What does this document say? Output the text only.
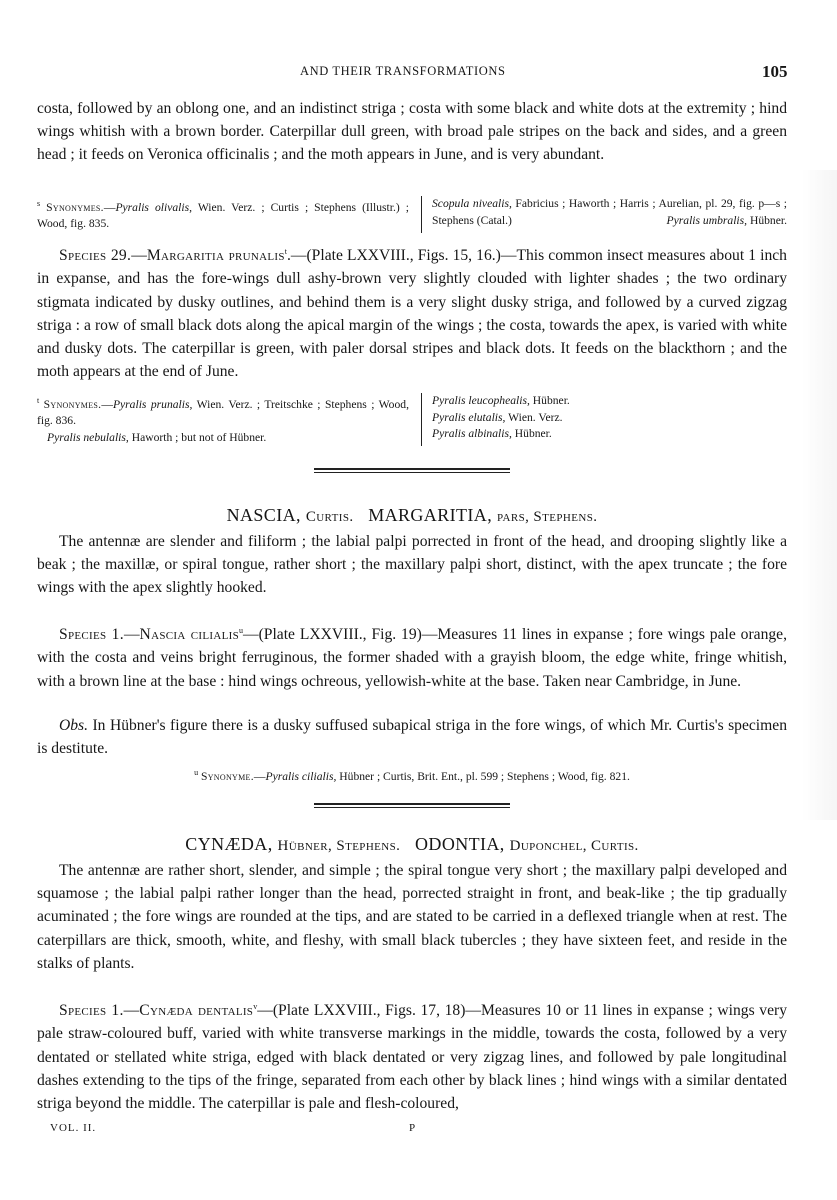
AND THEIR TRANSFORMATIONS	105
costa, followed by an oblong one, and an indistinct striga ; costa with some black and white dots at the extremity ; hind wings whitish with a brown border. Caterpillar dull green, with broad pale stripes on the back and sides, and a green head ; it feeds on Veronica officinalis ; and the moth appears in June, and is very abundant.
$^s$ Synonymes.—Pyralis olivalis, Wien. Verz. ; Curtis ; Stephens (Illustr.) ; Wood, fig. 835.
Scopula nivealis, Fabricius ; Haworth ; Harris ; Aurelian, pl. 29, fig. p—s ; Stephens (Catal.)	Pyralis umbralis, Hübner.
Species 29.—Margaritia prunalis$^t$.—(Plate LXXVIII., Figs. 15, 16.)—This common insect measures about 1 inch in expanse, and has the fore-wings dull ashy-brown very slightly clouded with lighter shades ; the two ordinary stigmata indicated by dusky outlines, and behind them is a very slight dusky striga, and followed by a curved zigzag striga : a row of small black dots along the apical margin of the wings ; the costa, towards the apex, is varied with white and dusky dots. The caterpillar is green, with paler dorsal stripes and black dots. It feeds on the blackthorn ; and the moth appears at the end of June.
$^t$ Synonymes.—Pyralis prunalis, Wien. Verz. ; Treitschke ; Stephens ; Wood, fig. 836.
Pyralis nebulalis, Haworth ; but not of Hübner.
Pyralis leucophealis, Hübner.
Pyralis elutalis, Wien. Verz.
Pyralis albinalis, Hübner.
NASCIA, Curtis. MARGARITIA, pars, Stephens.
The antennæ are slender and filiform ; the labial palpi porrected in front of the head, and drooping slightly like a beak ; the maxillæ, or spiral tongue, rather short ; the maxillary palpi short, distinct, with the apex truncate ; the fore wings with the apex slightly hooked.
Species 1.—Nascia cilialis$^u$—(Plate LXXVIII., Fig. 19)—Measures 11 lines in expanse ; fore wings pale orange, with the costa and veins bright ferruginous, the former shaded with a grayish bloom, the edge white, fringe whitish, with a brown line at the base : hind wings ochreous, yellowish-white at the base. Taken near Cambridge, in June.
Obs. In Hübner's figure there is a dusky suffused subapical striga in the fore wings, of which Mr. Curtis's specimen is destitute.
$^u$ Synonyme.—Pyralis cilialis, Hübner ; Curtis, Brit. Ent., pl. 599 ; Stephens ; Wood, fig. 821.
CYNÆDA, Hübner, Stephens. ODONTIA, Duponchel, Curtis.
The antennæ are rather short, slender, and simple ; the spiral tongue very short ; the maxillary palpi developed and squamose ; the labial palpi rather longer than the head, porrected straight in front, and beak-like ; the tip gradually acuminated ; the fore wings are rounded at the tips, and are stated to be carried in a deflexed triangle when at rest. The caterpillars are thick, smooth, white, and fleshy, with small black tubercles ; they have sixteen feet, and reside in the stalks of plants.
Species 1.—Cynæda dentalis$^v$—(Plate LXXVIII., Figs. 17, 18)—Measures 10 or 11 lines in expanse ; wings very pale straw-coloured buff, varied with white transverse markings in the middle, towards the costa, followed by a very dentated or stellated white striga, edged with black dentated or very zigzag lines, and followed by pale longitudinal dashes extending to the tips of the fringe, separated from each other by black lines ; hind wings with a similar dentated striga beyond the middle. The caterpillar is pale and flesh-coloured,
VOL. II.	P
